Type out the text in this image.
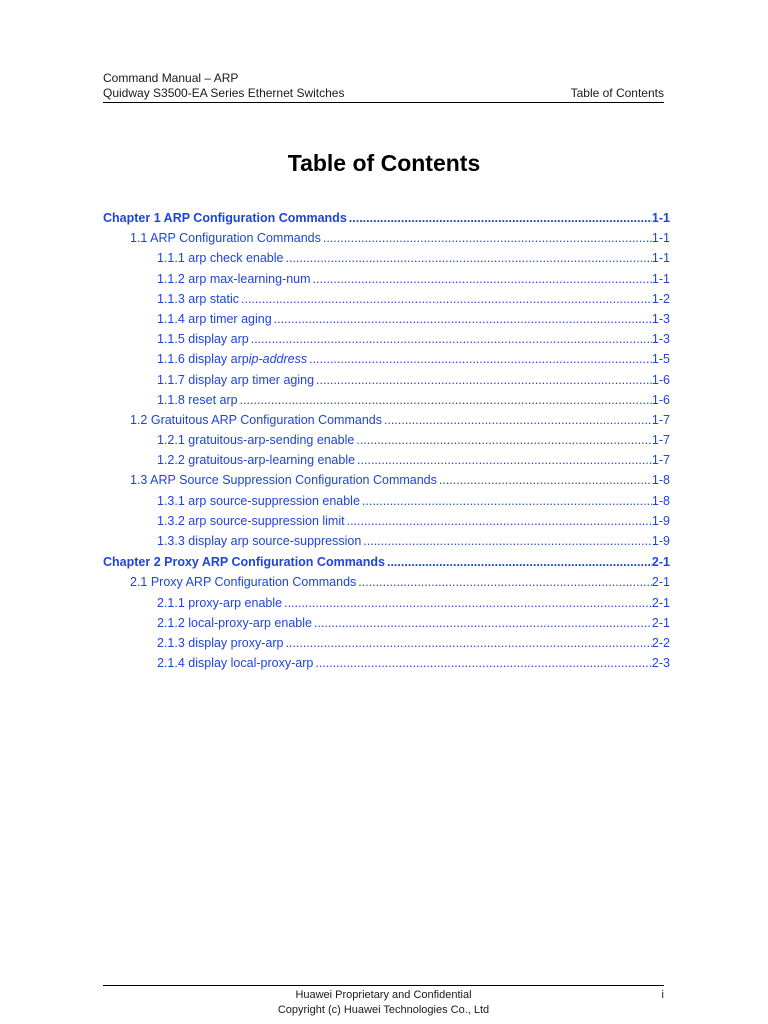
Command Manual – ARP
Quidway S3500-EA Series Ethernet Switches	Table of Contents
Table of Contents
Chapter 1 ARP Configuration Commands .....	1-1
1.1 ARP Configuration Commands .....	1-1
1.1.1 arp check enable .....	1-1
1.1.2 arp max-learning-num .....	1-1
1.1.3 arp static .....	1-2
1.1.4 arp timer aging .....	1-3
1.1.5 display arp .....	1-3
1.1.6 display arp ip-address .....	1-5
1.1.7 display arp timer aging .....	1-6
1.1.8 reset arp .....	1-6
1.2 Gratuitous ARP Configuration Commands .....	1-7
1.2.1 gratuitous-arp-sending enable .....	1-7
1.2.2 gratuitous-arp-learning enable .....	1-7
1.3 ARP Source Suppression Configuration Commands .....	1-8
1.3.1 arp source-suppression enable .....	1-8
1.3.2 arp source-suppression limit .....	1-9
1.3.3 display arp source-suppression .....	1-9
Chapter 2 Proxy ARP Configuration Commands .....	2-1
2.1 Proxy ARP Configuration Commands .....	2-1
2.1.1 proxy-arp enable .....	2-1
2.1.2 local-proxy-arp enable .....	2-1
2.1.3 display proxy-arp .....	2-2
2.1.4 display local-proxy-arp .....	2-3
Huawei Proprietary and Confidential
Copyright (c) Huawei Technologies Co., Ltd
i
